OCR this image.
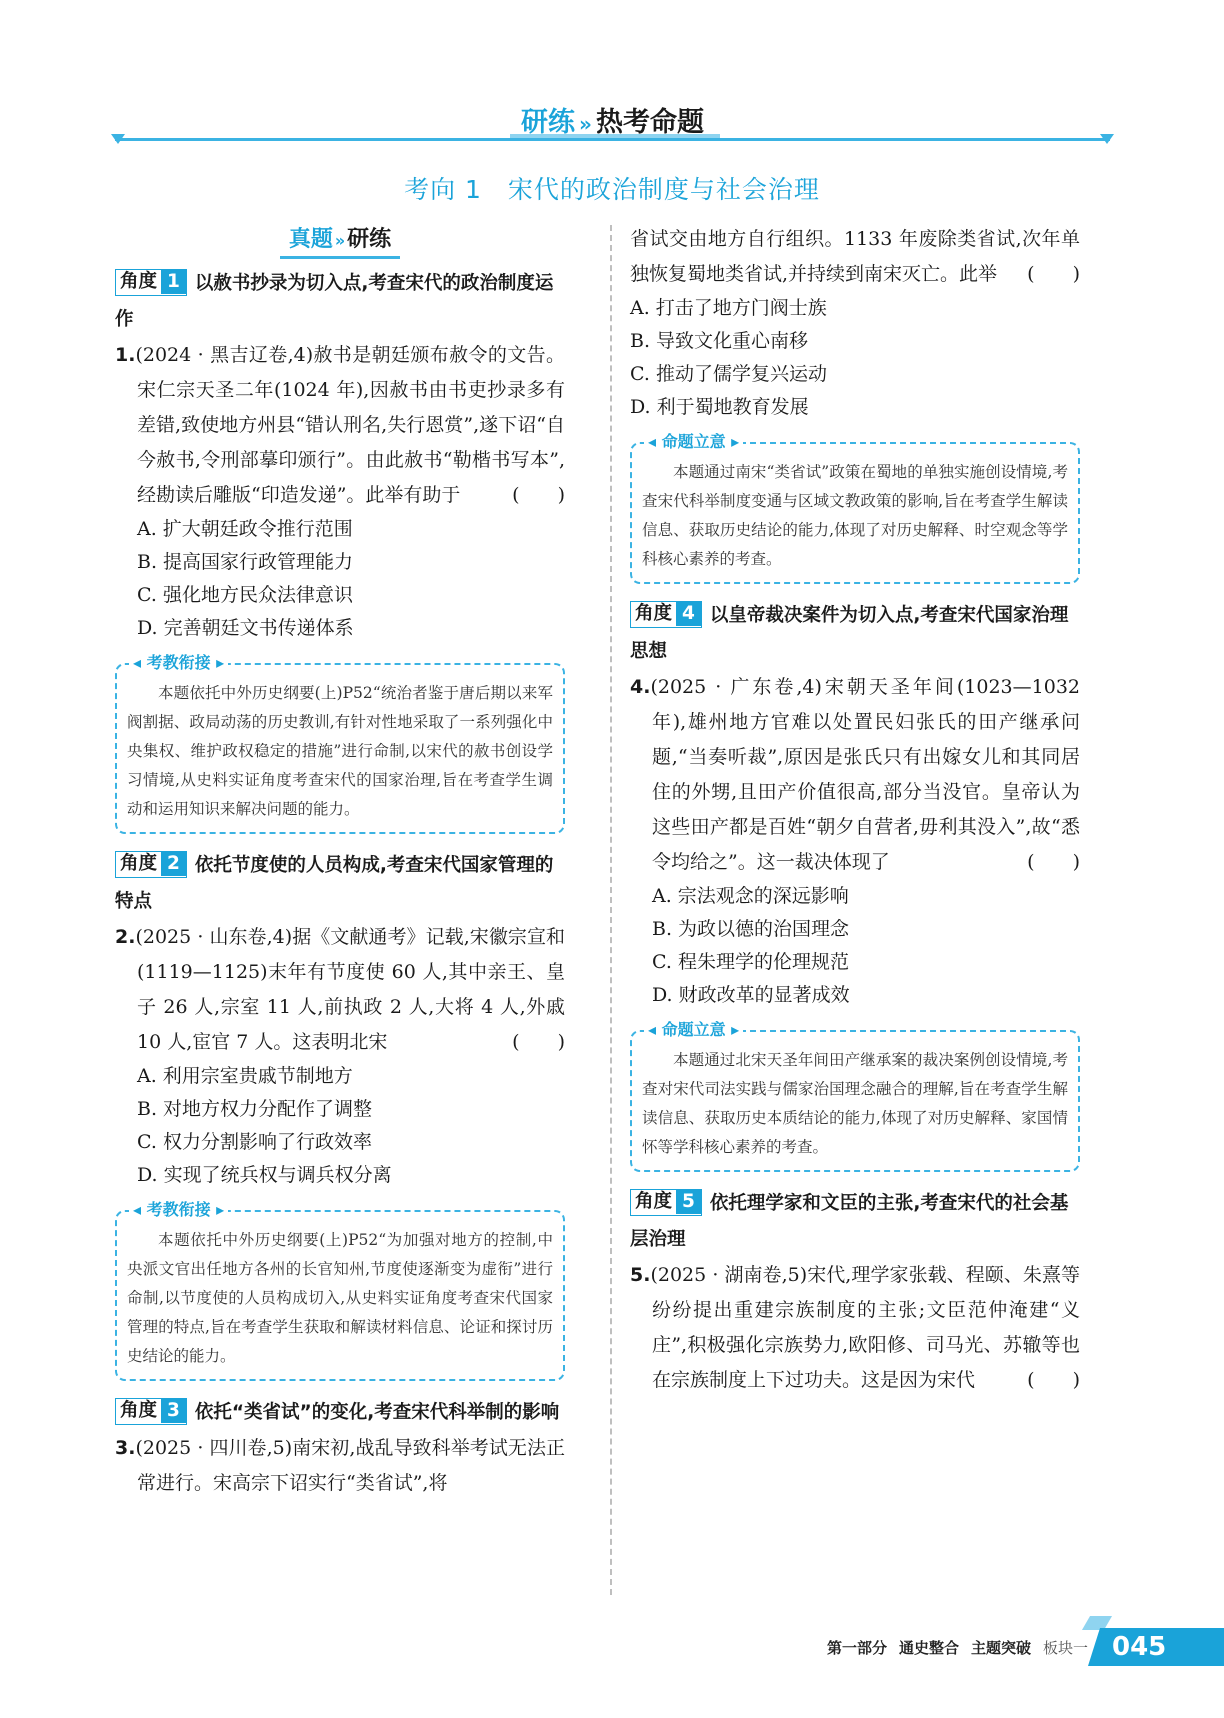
研练 » 热考命题
考向 1　宋代的政治制度与社会治理
真题 »研练
角度 1 以赦书抄录为切入点,考查宋代的政治制度运作

1.(2024 · 黑吉辽卷,4)赦书是朝廷颁布赦令的文告。宋仁宗天圣二年(1024 年),因赦书由书吏抄录多有差错,致使地方州县“错认刑名,失行恩赏”,遂下诏“自今赦书,令刑部摹印颁行”。由此赦书“勒楷书写本”,经勘读后雕版“印造发递”。此举有助于	(　　)

A. 扩大朝廷政令推行范围
B. 提高国家行政管理能力
C. 强化地方民众法律意识
D. 完善朝廷文书传递体系
◂ 考教衔接 ▸
本题依托中外历史纲要(上)P52“统治者鉴于唐后期以来军阀割据、政局动荡的历史教训,有针对性地采取了一系列强化中央集权、维护政权稳定的措施”进行命制,以宋代的赦书创设学习情境,从史料实证角度考查宋代的国家治理,旨在考查学生调动和运用知识来解决问题的能力。
角度 2 依托节度使的人员构成,考查宋代国家管理的特点

2.(2025 · 山东卷,4)据《文献通考》记载,宋徽宗宣和(1119—1125)末年有节度使 60 人,其中亲王、皇子 26 人,宗室 11 人,前执政 2 人,大将 4 人,外戚 10 人,宦官 7 人。这表明北宋	(　　)

A. 利用宗室贵戚节制地方
B. 对地方权力分配作了调整
C. 权力分割影响了行政效率
D. 实现了统兵权与调兵权分离
◂ 考教衔接 ▸
本题依托中外历史纲要(上)P52“为加强对地方的控制,中央派文官出任地方各州的长官知州,节度使逐渐变为虚衔”进行命制,以节度使的人员构成切入,从史料实证角度考查宋代国家管理的特点,旨在考查学生获取和解读材料信息、论证和探讨历史结论的能力。
角度 3 依托“类省试”的变化,考查宋代科举制的影响

3.(2025 · 四川卷,5)南宋初,战乱导致科举考试无法正常进行。宋高宗下诏实行“类省试”,将

省试交由地方自行组织。1133 年废除类省试,次年单独恢复蜀地类省试,并持续到南宋灭亡。此举 (　　)

A. 打击了地方门阀士族
B. 导致文化重心南移
C. 推动了儒学复兴运动
D. 利于蜀地教育发展
◂ 命题立意 ▸
本题通过南宋“类省试”政策在蜀地的单独实施创设情境,考查宋代科举制度变通与区域文教政策的影响,旨在考查学生解读信息、获取历史结论的能力,体现了对历史解释、时空观念等学科核心素养的考查。
角度 4 以皇帝裁决案件为切入点,考查宋代国家治理思想

4.(2025 · 广东卷,4)宋朝天圣年间(1023—1032 年),雄州地方官难以处置民妇张氏的田产继承问题,“当奏听裁”,原因是张氏只有出嫁女儿和其同居住的外甥,且田产价值很高,部分当没官。皇帝认为这些田产都是百姓“朝夕自营者,毋利其没入”,故“悉令均给之”。这一裁决体现了	(　　)

A. 宗法观念的深远影响
B. 为政以德的治国理念
C. 程朱理学的伦理规范
D. 财政改革的显著成效
◂ 命题立意 ▸
本题通过北宋天圣年间田产继承案的裁决案例创设情境,考查对宋代司法实践与儒家治国理念融合的理解,旨在考查学生解读信息、获取历史本质结论的能力,体现了对历史解释、家国情怀等学科核心素养的考查。
角度 5 依托理学家和文臣的主张,考查宋代的社会基层治理

5.(2025 · 湖南卷,5)宋代,理学家张载、程颐、朱熹等纷纷提出重建宗族制度的主张;文臣范仲淹建“义庄”,积极强化宗族势力,欧阳修、司马光、苏辙等也在宗族制度上下过功夫。这是因为宋代	(　　)

第一部分 通史整合 主题突破 板块一 045
